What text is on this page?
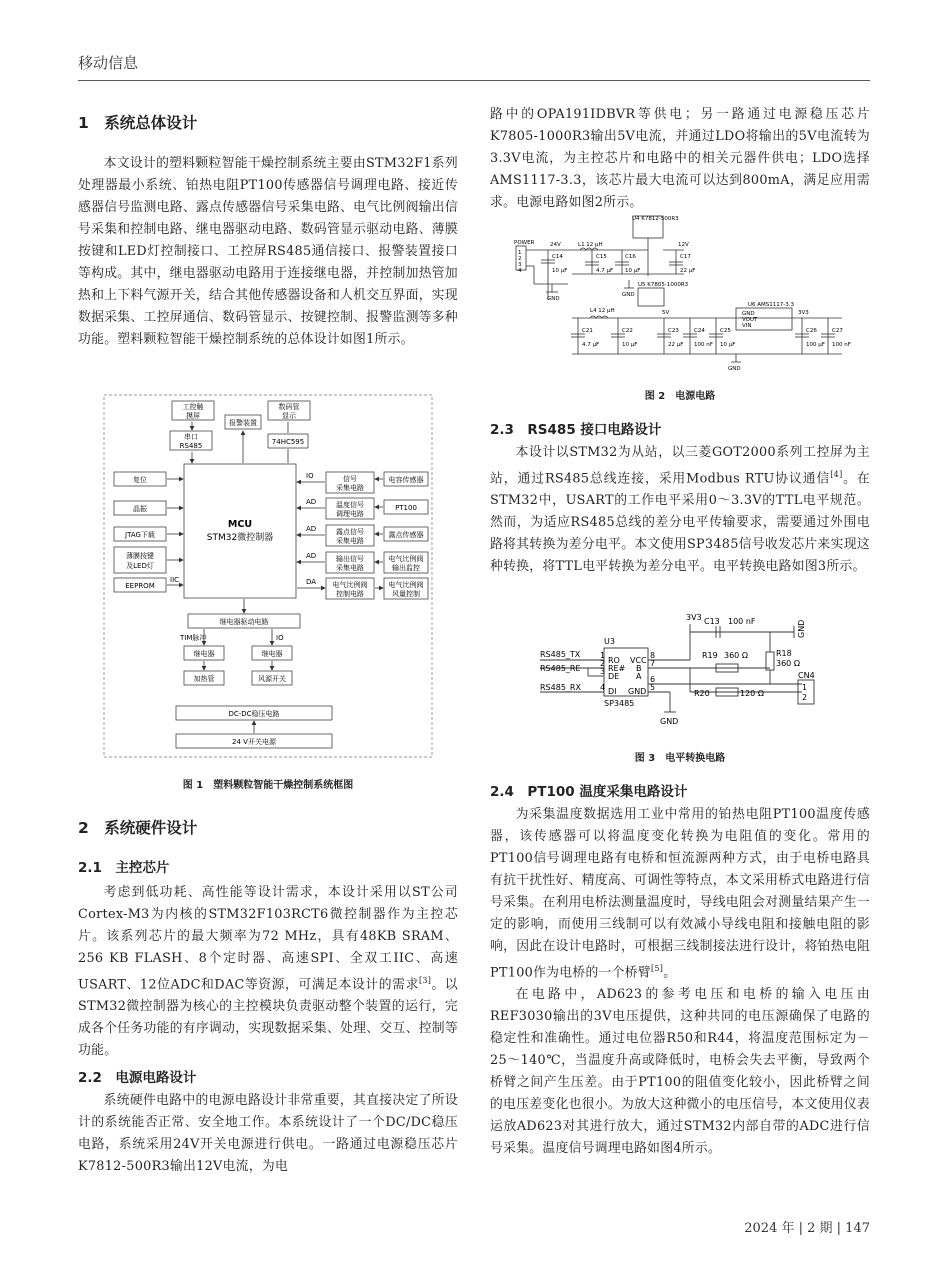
移动信息
1　系统总体设计

本文设计的塑料颗粒智能干燥控制系统主要由STM32F1系列处理器最小系统、铂热电阻PT100传感器信号调理电路、接近传感器信号监测电路、露点传感器信号采集电路、电气比例阀输出信号采集和控制电路、继电器驱动电路、数码管显示驱动电路、薄膜按键和LED灯控制接口、工控屏RS485通信接口、报警装置接口等构成。其中，继电器驱动电路用于连接继电器，并控制加热管加热和上下料气源开关，结合其他传感器设备和人机交互界面，实现数据采集、工控屏通信、数码管显示、按键控制、报警监测等多种功能。塑料颗粒智能干燥控制系统的总体设计如图1所示。

MCU
STM32微控制器
工控触
摸屏
串口
RS485
报警装置
数码管
显示
74HC595
复位
晶振
JTAG下载
薄膜按键
及LED灯
EEPROM
IIC
IO
AD
AD
AD
DA
信号
采集电路
电容传感器
温度信号
调理电路
PT100
露点信号
采集电路
露点传感器
输出信号
采集电路
电气比例阀
输出监控
电气比例阀
控制电路
电气比例阀
风量控制
继电器驱动电路
TIM脉冲	IO
继电器	继电器
加热管	风源开关
DC-DC稳压电路
24 V开关电源
图 1　塑料颗粒智能干燥控制系统框图
2　系统硬件设计
2.1　主控芯片

考虑到低功耗、高性能等设计需求，本设计采用以ST公司Cortex-M3为内核的STM32F103RCT6微控制器作为主控芯片。该系列芯片的最大频率为72 MHz，具有48KB SRAM、256 KB FLASH、8个定时器、高速SPI、全双工IIC、高速USART、12位ADC和DAC等资源，可满足本设计的需求[3]。以STM32微控制器为核心的主控模块负责驱动整个装置的运行，完成各个任务功能的有序调动，实现数据采集、处理、交互、控制等功能。

2.2　电源电路设计

系统硬件电路中的电源电路设计非常重要，其直接决定了所设计的系统能否正常、安全地工作。本系统设计了一个DC/DC稳压电路，系统采用24V开关电源进行供电。一路通过电源稳压芯片K7812-500R3输出12V电流，为电

路中的OPA191IDBVR等供电；另一路通过电源稳压芯片K7805-1000R3输出5V电流，并通过LDO将输出的5V电流转为3.3V电流，为主控芯片和电路中的相关元器件供电；LDO选择AMS1117-3.3，该芯片最大电流可以达到800mA，满足应用需求。电源电路如图2所示。

POWER
1
2
3
4
24V
U4 K7812-500R3
12V
L1 12 μH
C14
10 μF
C15
4.7 μF
C16
10 μF
C17
22 μF
GND
GND
U5 K7805-1000R3
5V
L4 12 μH
C21
4.7 μF
C22
10 μF
C23
22 μF
C24
100 nF
C25
10 μF
U6 AMS1117-3.3
GND
VOUT
VIN
3V3
C26
100 μF
C27
100 nF
GND
图 2　电源电路
2.3　RS485 接口电路设计

本设计以STM32为从站，以三菱GOT2000系列工控屏为主站，通过RS485总线连接，采用Modbus RTU协议通信[4]。在STM32中，USART的工作电平采用0～3.3V的TTL电平规范。然而，为适应RS485总线的差分电平传输要求，需要通过外围电路将其转换为差分电平。本文使用SP3485信号收发芯片来实现这种转换，将TTL电平转换为差分电平。电平转换电路如图3所示。

3V3 C13 100 nF	GND
U3
RS485_TX
RS485_RE
RS485_RX
1
2
3
4
RO
RE#
DE
DI
VCC
B
A
GND
8
7
6
5
SP3485
GND
R19 360 Ω	R18
360 Ω
R20	120 Ω
CN4
1
2
图 3　电平转换电路
2.4　PT100 温度采集电路设计

为采集温度数据选用工业中常用的铂热电阻PT100温度传感器，该传感器可以将温度变化转换为电阻值的变化。常用的PT100信号调理电路有电桥和恒流源两种方式，由于电桥电路具有抗干扰性好、精度高、可调性等特点，本文采用桥式电路进行信号采集。在利用电桥法测量温度时，导线电阻会对测量结果产生一定的影响，而使用三线制可以有效减小导线电阻和接触电阻的影响，因此在设计电路时，可根据三线制接法进行设计，将铂热电阻PT100作为电桥的一个桥臂[5]。

在电路中，AD623的参考电压和电桥的输入电压由REF3030输出的3V电压提供，这种共同的电压源确保了电路的稳定性和准确性。通过电位器R50和R44，将温度范围标定为－25～140℃，当温度升高或降低时，电桥会失去平衡，导致两个桥臂之间产生压差。由于PT100的阻值变化较小，因此桥臂之间的电压差变化也很小。为放大这种微小的电压信号，本文使用仪表运放AD623对其进行放大，通过STM32内部自带的ADC进行信号采集。温度信号调理电路如图4所示。

2024 年 | 2 期 | 147
